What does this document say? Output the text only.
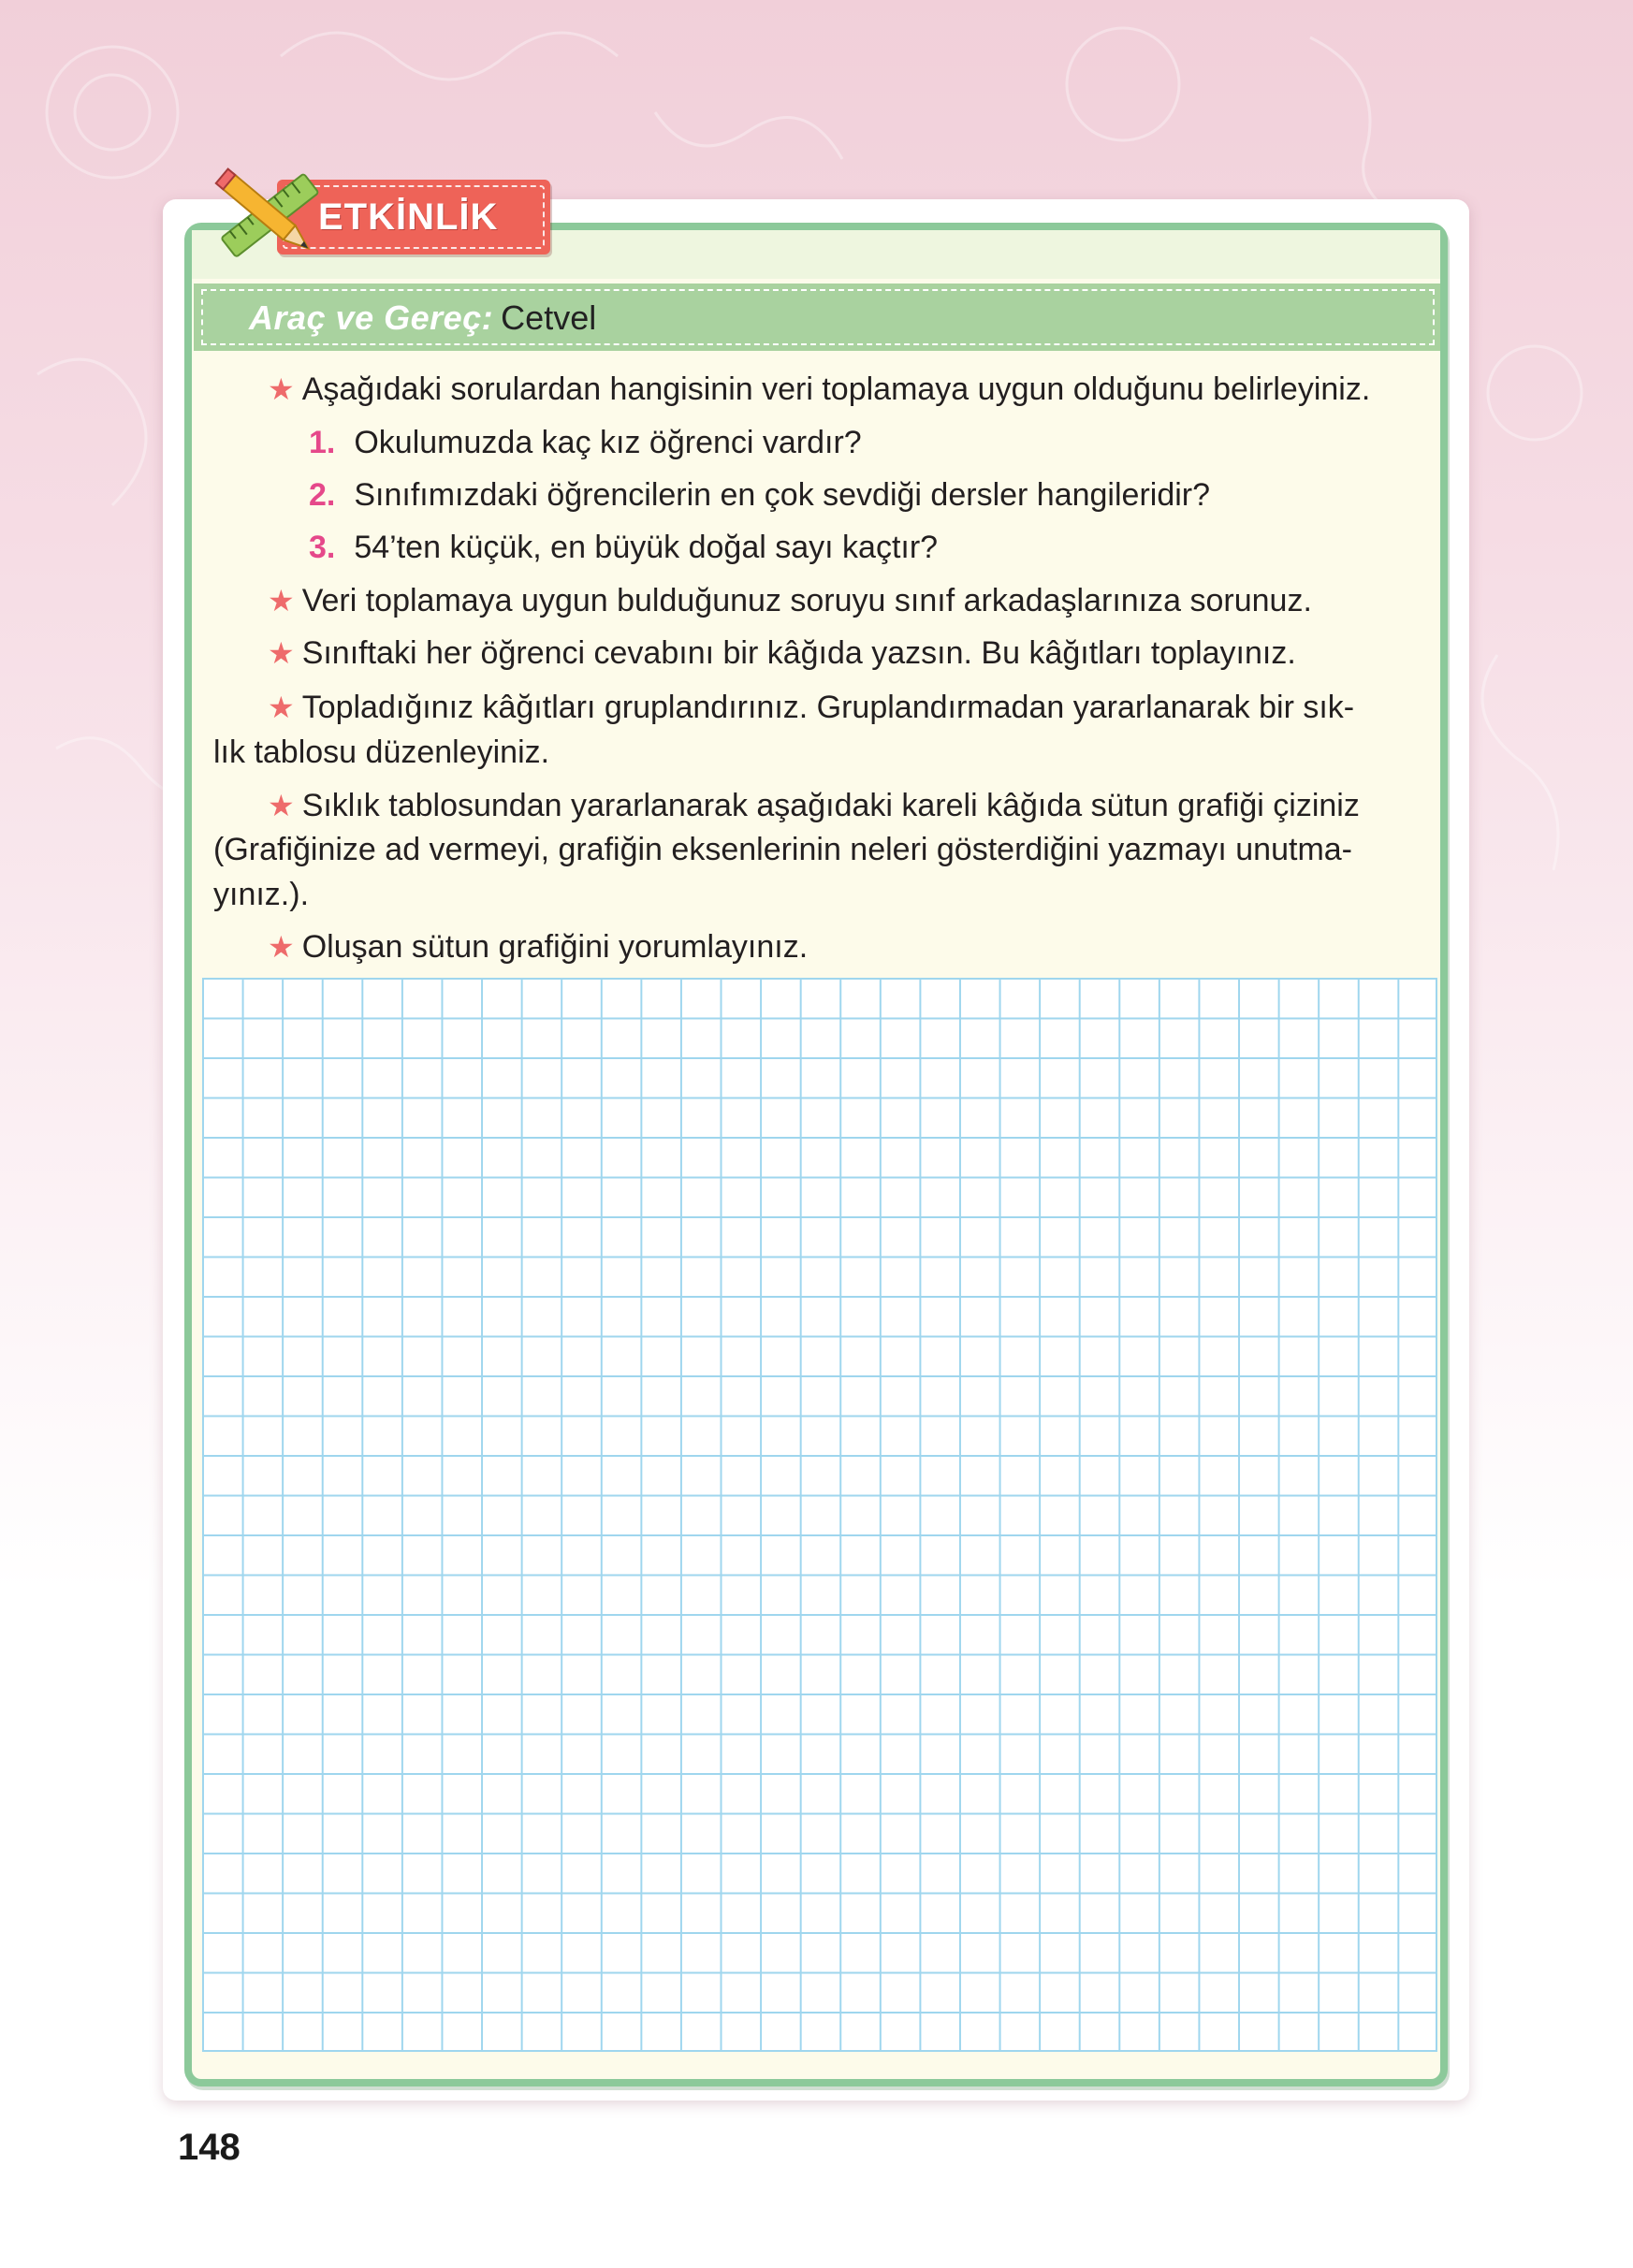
ETKİNLİK
Araç ve Gereç: Cetvel
★ Aşağıdaki sorulardan hangisinin veri toplamaya uygun olduğunu belirleyiniz.
1. Okulumuzda kaç kız öğrenci vardır?
2. Sınıfımızdaki öğrencilerin en çok sevdiği dersler hangileridir?
3. 54’ten küçük, en büyük doğal sayı kaçtır?
★ Veri toplamaya uygun bulduğunuz soruyu sınıf arkadaşlarınıza sorunuz.
★ Sınıftaki her öğrenci cevabını bir kâğıda yazsın. Bu kâğıtları toplayınız.
★ Topladığınız kâğıtları gruplandırınız. Gruplandırmadan yararlanarak bir sık-
lık tablosu düzenleyiniz.
★ Sıklık tablosundan yararlanarak aşağıdaki kareli kâğıda sütun grafiği çiziniz
(Grafiğinize ad vermeyi, grafiğin eksenlerinin neleri gösterdiğini yazmayı unutma-
yınız.).
★ Oluşan sütun grafiğini yorumlayınız.
148
